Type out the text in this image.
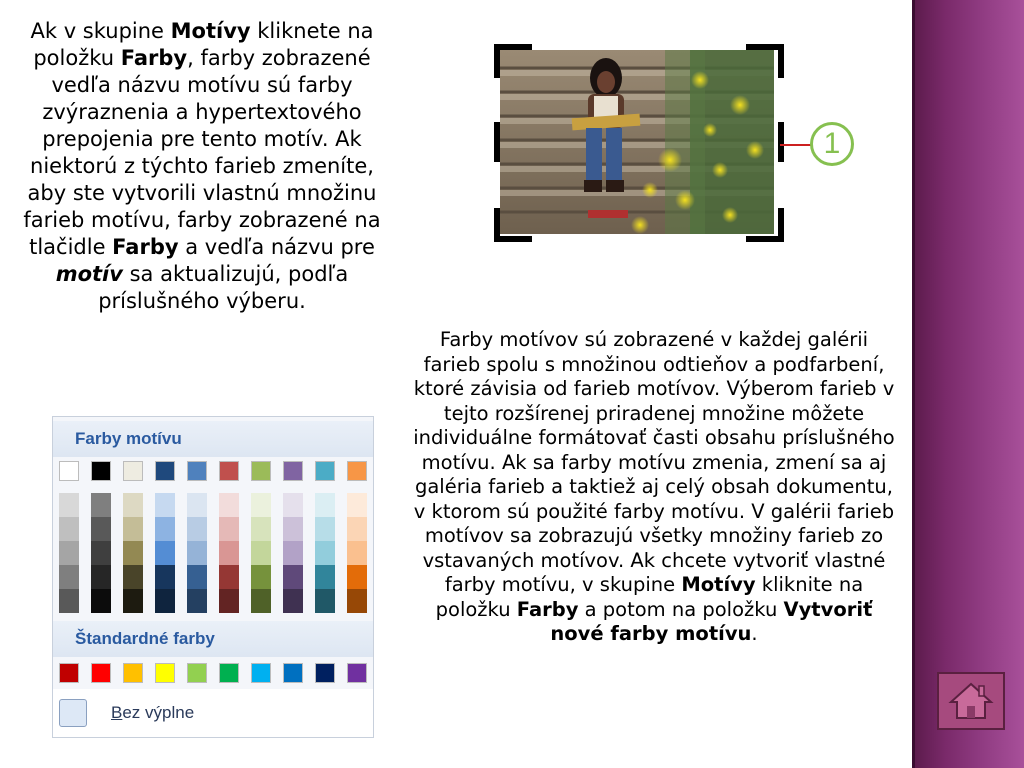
Ak v skupine Motívy kliknete na položku Farby, farby zobrazené vedľa názvu motívu sú farby zvýraznenia a hypertextového prepojenia pre tento motív. Ak niektorú z týchto farieb zmeníte, aby ste vytvorili vlastnú množinu farieb motívu, farby zobrazené na tlačidle Farby a vedľa názvu pre motív sa aktualizujú, podľa príslušného výberu.
1
Farby motívov sú zobrazené v každej galérii farieb spolu s množinou odtieňov a podfarbení, ktoré závisia od farieb motívov. Výberom farieb v tejto rozšírenej priradenej množine môžete individuálne formátovať časti obsahu príslušného motívu. Ak sa farby motívu zmenia, zmení sa aj galéria farieb a taktiež aj celý obsah dokumentu, v ktorom sú použité farby motívu. V galérii farieb motívov sa zobrazujú všetky množiny farieb zo vstavaných motívov. Ak chcete vytvoriť vlastné farby motívu, v skupine Motívy kliknite na položku Farby a potom na položku Vytvoriť nové farby motívu.
Farby motívu
Štandardné farby
Bez výplne
